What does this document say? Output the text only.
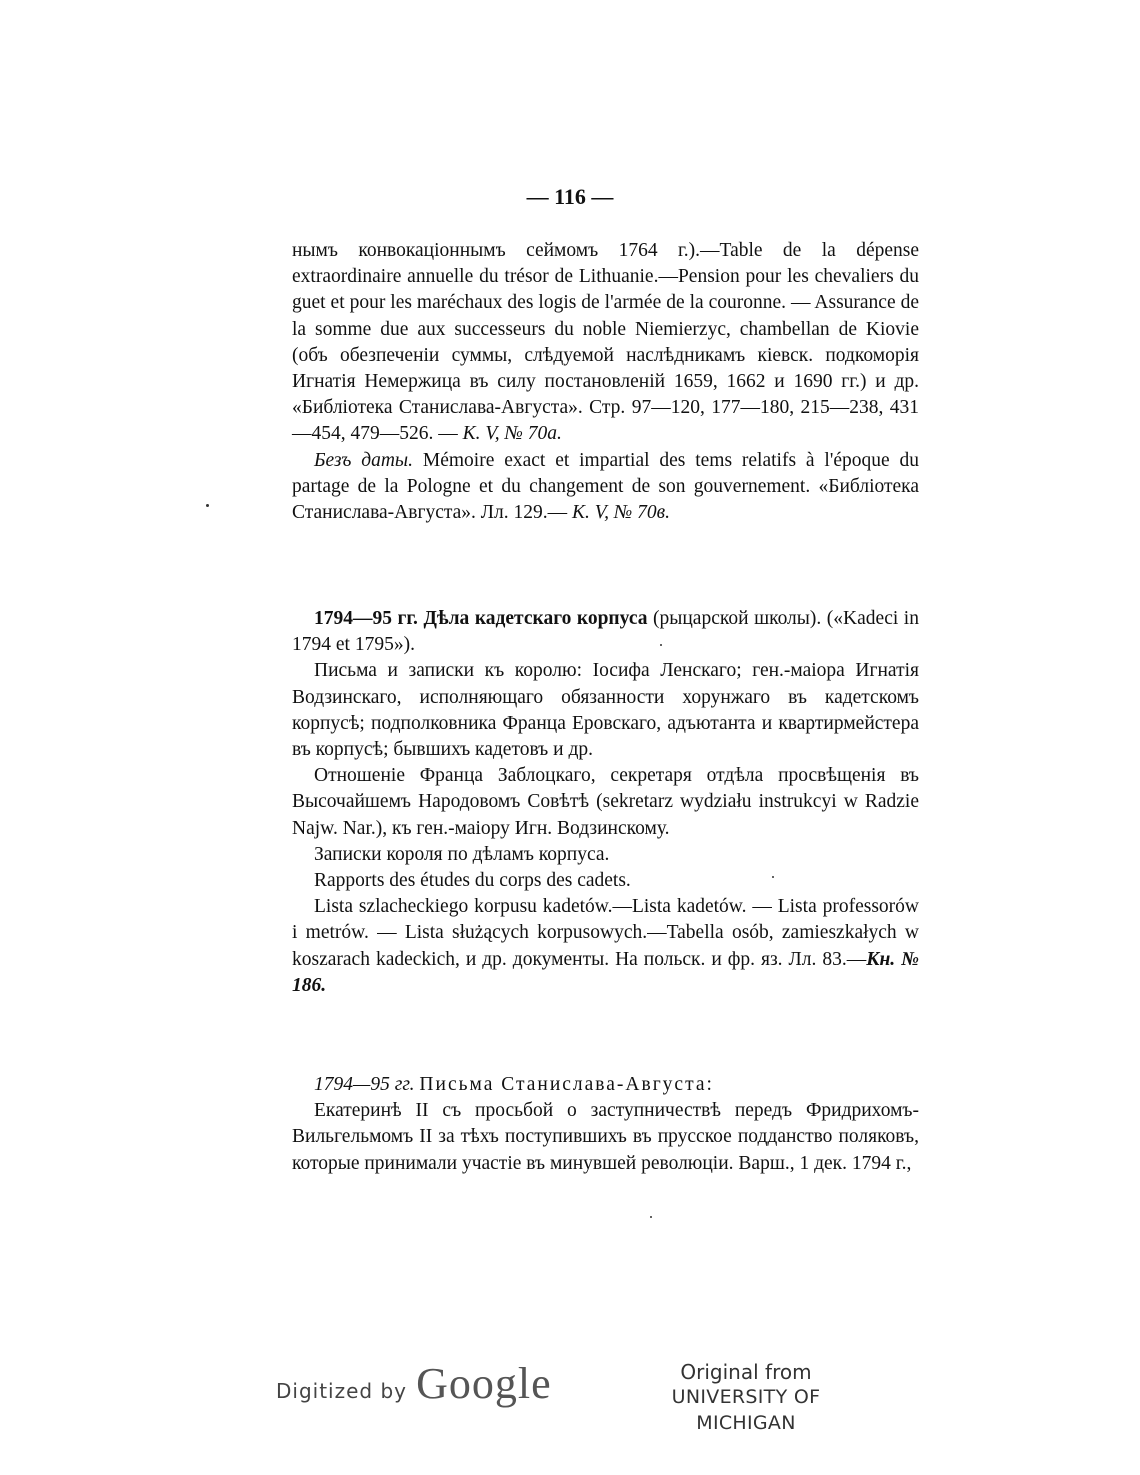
— 116 —

нымъ конвокаціоннымъ сеймомъ 1764 г.).—Table de la dépense extraordinaire annuelle du trésor de Lithuanie.—Pension pour les chevaliers du guet et pour les maréchaux des logis de l'armée de la couronne. — Assurance de la somme due aux successeurs du noble Niemierzyc, chambellan de Kiovie (объ обезпеченіи суммы, слѣдуемой наслѣдникамъ кіевск. подкоморія Игнатія Немержица въ силу постановленій 1659, 1662 и 1690 гг.) и др. «Библіотека Станислава-Августа». Стр. 97—120, 177—180, 215—238, 431—454, 479—526. — К. V, № 70а.

Безъ даты. Mémoire exact et impartial des tems relatifs à l'époque du partage de la Pologne et du changement de son gouvernement. «Библіотека Станислава-Августа». Лл. 129.— К. V, № 70в.

1794—95 гг. Дѣла кадетскаго корпуса (рыцарской школы). («Kadeci in 1794 et 1795»).

Письма и записки къ королю: Іосифа Ленскаго; ген.-маіора Игнатія Водзинскаго, исполняющаго обязанности хорунжаго въ кадетскомъ корпусѣ; подполковника Франца Еровскаго, адъютанта и квартирмейстера въ корпусѣ; бывшихъ кадетовъ и др.

Отношеніе Франца Заблоцкаго, секретаря отдѣла просвѣщенія въ Высочайшемъ Народовомъ Совѣтѣ (sekretarz wydziału instrukcyi w Radzie Najw. Nar.), къ ген.-маіору Игн. Водзинскому.

Записки короля по дѣламъ корпуса.

Rapports des études du corps des cadets.

Lista szlacheckiego korpusu kadetów.—Lista kadetów. — Lista professorów i metrów. — Lista służących korpusowych.—Tabella osób, zamieszkałych w koszarach kadeckich, и др. документы. На польск. и фр. яз. Лл. 83.—Кн. № 186.

1794—95 гг. Письма Станислава-Августа:

Екатеринѣ II съ просьбой о заступничествѣ передъ Фридрихомъ-Вильгельмомъ II за тѣхъ поступившихъ въ прусское подданство поляковъ, которые принимали участіе въ минувшей революціи. Варш., 1 дек. 1794 г.,

Digitized by Google	Original from
UNIVERSITY OF MICHIGAN
